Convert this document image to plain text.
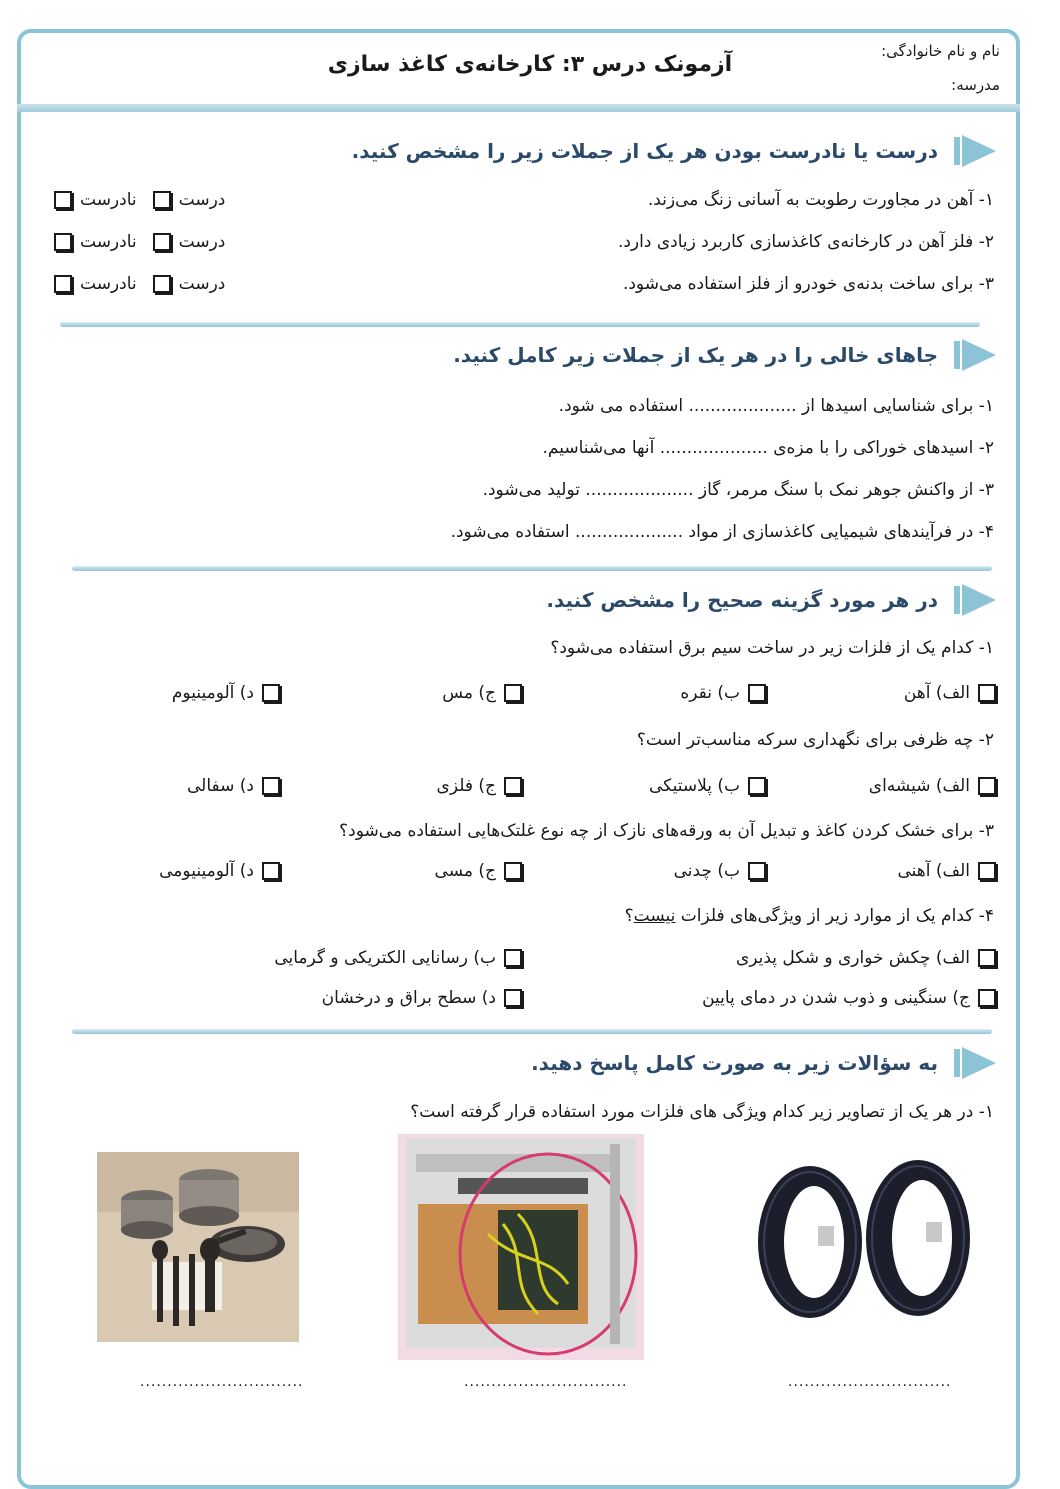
آزمونک درس ۳: کارخانه‌ی کاغذ سازی
نام و نام خانوادگی:
مدرسه:
درست یا نادرست بودن هر یک از جملات زیر را مشخص کنید.
۱- آهن در مجاورت رطوبت به آسانی زنگ می‌زند.
درست
نادرست
۲- فلز آهن در کارخانه‌ی کاغذسازی کاربرد زیادی دارد.
درست
نادرست
۳- برای ساخت بدنه‌ی خودرو از فلز استفاده می‌شود.
درست
نادرست
جاهای خالی را در هر یک از جملات زیر کامل کنید.
۱- برای شناسایی اسیدها از .................... استفاده می شود.
۲- اسیدهای خوراکی را با مزه‌ی .................... آنها می‌شناسیم.
۳- از واکنش جوهر نمک با سنگ مرمر، گاز .................... تولید می‌شود.
۴- در فرآیندهای شیمیایی کاغذسازی از مواد .................... استفاده می‌شود.
در هر مورد گزینه صحیح را مشخص کنید.
۱- کدام یک از فلزات زیر در ساخت سیم برق استفاده می‌شود؟
الف) آهن
ب) نقره
ج) مس
د) آلومینیوم
۲- چه ظرفی برای نگهداری سرکه مناسب‌تر است؟
الف) شیشه‌ای
ب) پلاستیکی
ج) فلزی
د) سفالی
۳- برای خشک کردن کاغذ و تبدیل آن به ورقه‌های نازک از چه نوع غلتک‌هایی استفاده می‌شود؟
الف) آهنی
ب) چدنی
ج) مسی
د) آلومینیومی
۴- کدام یک از موارد زیر از ویژگی‌های فلزات نیست؟
الف) چکش خواری و شکل پذیری
ب) رسانایی الکتریکی و گرمایی
ج) سنگینی و ذوب شدن در دمای پایین
د) سطح براق و درخشان
به سؤالات زیر به صورت کامل پاسخ دهید.
۱- در هر یک از تصاویر زیر کدام ویژگی های فلزات مورد استفاده قرار گرفته است؟
..............................	..............................	..............................
